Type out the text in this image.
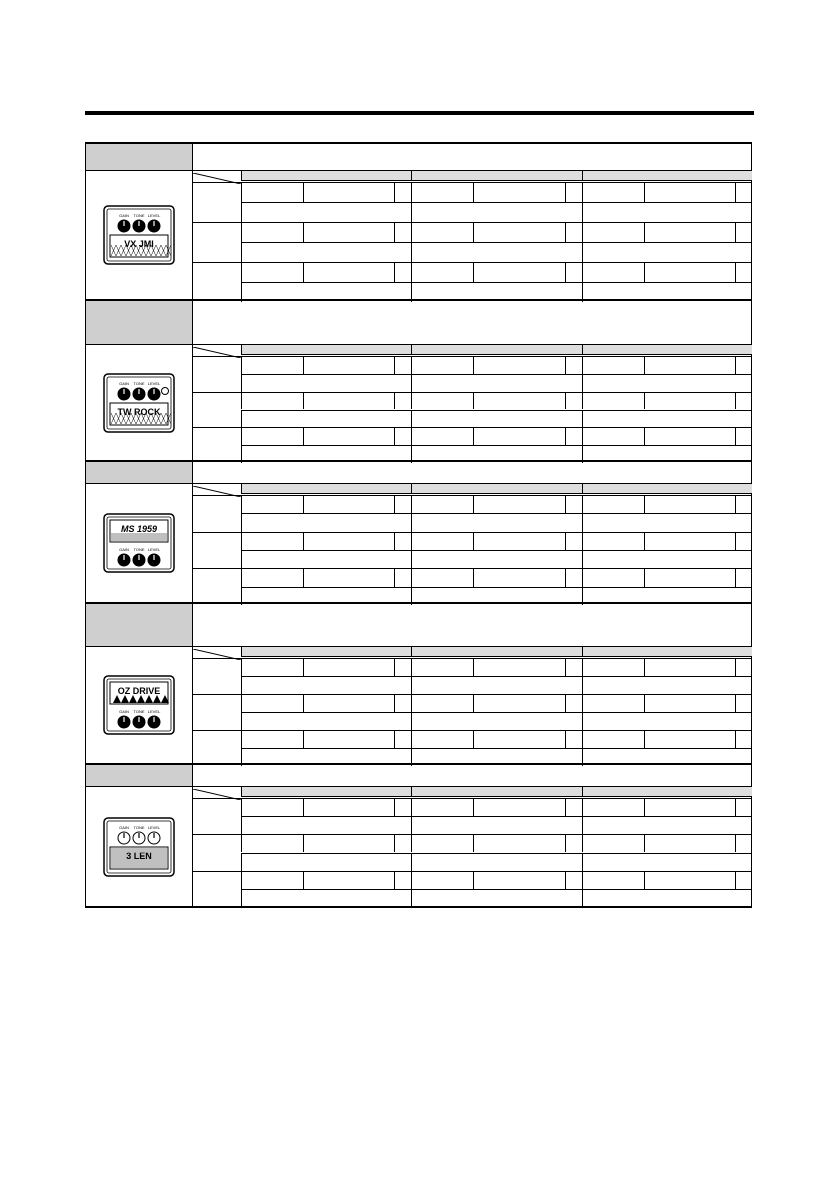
VX JMI
GAIN TONE LEVEL
TW ROCK
GAIN TONE LEVEL
MS 1959
GAIN TONE LEVEL
OZ DRIVE
GAIN TONE LEVEL
3 LEN
GAIN TONE LEVEL
